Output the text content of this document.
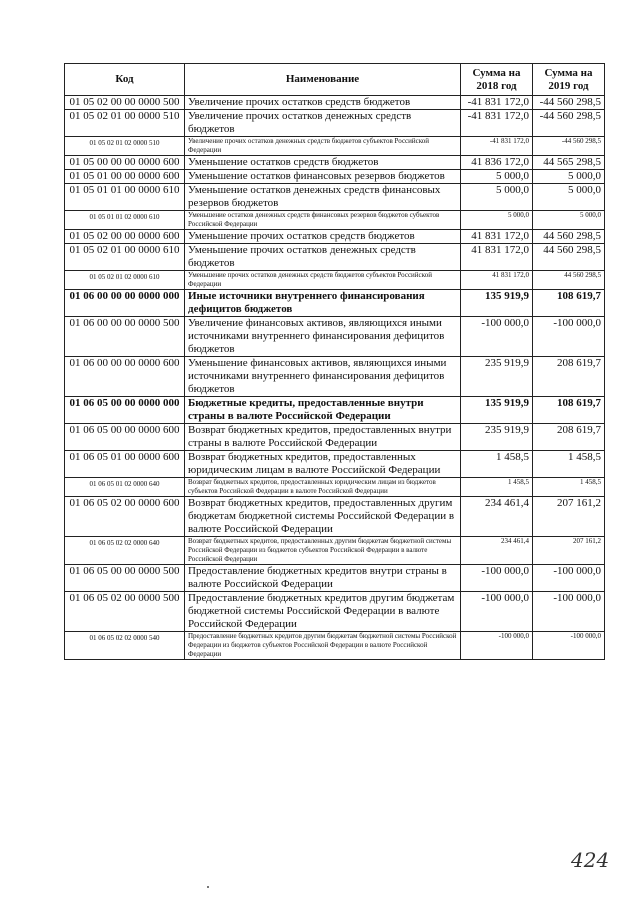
Код	Наименование	Сумма на 2018 год	Сумма на 2019 год
01 05 02 00 00 0000 500	Увеличение прочих остатков средств бюджетов	-41 831 172,0	-44 560 298,5
01 05 02 01 00 0000 510	Увеличение прочих остатков денежных средств бюджетов	-41 831 172,0	-44 560 298,5
01 05 02 01 02 0000 510	Увеличение прочих остатков денежных средств бюджетов субъектов Российской Федерации	-41 831 172,0	-44 560 298,5
01 05 00 00 00 0000 600	Уменьшение остатков средств бюджетов	41 836 172,0	44 565 298,5
01 05 01 00 00 0000 600	Уменьшение остатков финансовых резервов бюджетов	5 000,0	5 000,0
01 05 01 01 00 0000 610	Уменьшение остатков денежных средств финансовых резервов бюджетов	5 000,0	5 000,0
01 05 01 01 02 0000 610	Уменьшение остатков денежных средств финансовых резервов бюджетов субъектов Российской Федерации	5 000,0	5 000,0
01 05 02 00 00 0000 600	Уменьшение прочих остатков средств бюджетов	41 831 172,0	44 560 298,5
01 05 02 01 00 0000 610	Уменьшение прочих остатков денежных средств бюджетов	41 831 172,0	44 560 298,5
01 05 02 01 02 0000 610	Уменьшение прочих остатков денежных средств бюджетов субъектов Российской Федерации	41 831 172,0	44 560 298,5
01 06 00 00 00 0000 000	Иные источники внутреннего финансирования дефицитов бюджетов	135 919,9	108 619,7
01 06 00 00 00 0000 500	Увеличение финансовых активов, являющихся иными источниками внутреннего финансирования дефицитов бюджетов	-100 000,0	-100 000,0
01 06 00 00 00 0000 600	Уменьшение финансовых активов, являющихся иными источниками внутреннего финансирования дефицитов бюджетов	235 919,9	208 619,7
01 06 05 00 00 0000 000	Бюджетные кредиты, предоставленные внутри страны в валюте Российской Федерации	135 919,9	108 619,7
01 06 05 00 00 0000 600	Возврат бюджетных кредитов, предоставленных внутри страны в валюте Российской Федерации	235 919,9	208 619,7
01 06 05 01 00 0000 600	Возврат бюджетных кредитов, предоставленных юридическим лицам в валюте Российской Федерации	1 458,5	1 458,5
01 06 05 01 02 0000 640	Возврат бюджетных кредитов, предоставленных юридическим лицам из бюджетов субъектов Российской Федерации в валюте Российской Федерации	1 458,5	1 458,5
01 06 05 02 00 0000 600	Возврат бюджетных кредитов, предоставленных другим бюджетам бюджетной системы Российской Федерации в валюте Российской Федерации	234 461,4	207 161,2
01 06 05 02 02 0000 640	Возврат бюджетных кредитов, предоставленных другим бюджетам бюджетной системы Российской Федерации из бюджетов субъектов Российской Федерации в валюте Российской Федерации	234 461,4	207 161,2
01 06 05 00 00 0000 500	Предоставление бюджетных кредитов внутри страны в валюте Российской Федерации	-100 000,0	-100 000,0
01 06 05 02 00 0000 500	Предоставление бюджетных кредитов другим бюджетам бюджетной системы Российской Федерации в валюте Российской Федерации	-100 000,0	-100 000,0
01 06 05 02 02 0000 540	Предоставление бюджетных кредитов другим бюджетам бюджетной системы Российской Федерации из бюджетов субъектов Российской Федерации в валюте Российской Федерации	-100 000,0	-100 000,0
424
